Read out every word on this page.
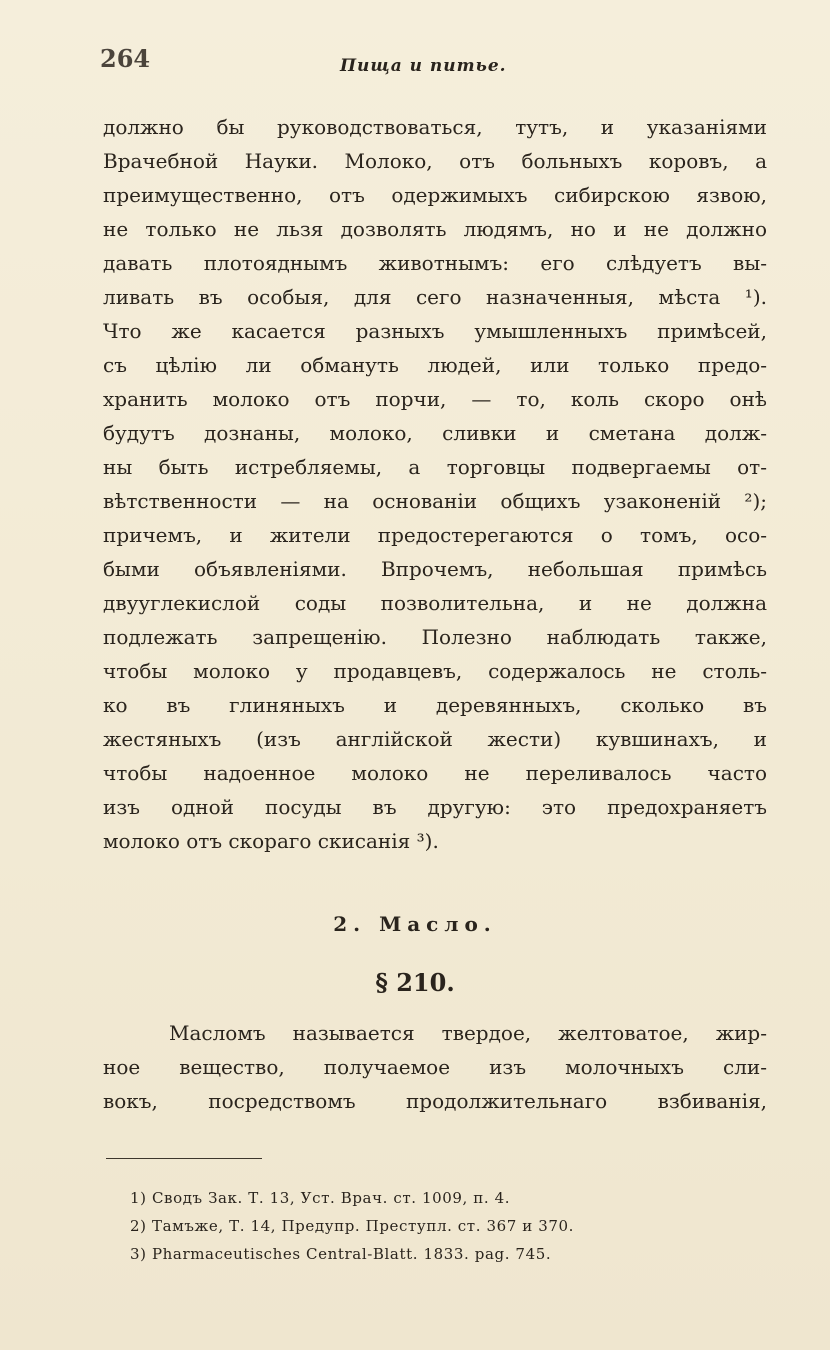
264	Пища и питье.
должно бы руководствоваться, тутъ, и указаніями
Врачебной Науки. Молоко, отъ больныхъ коровъ, а
преимущественно, отъ одержимыхъ сибирскою язвою,
не только не льзя дозволять людямъ, но и не должно
давать плотояднымъ животнымъ: его слѣдуетъ вы-
ливать въ особыя, для сего назначенныя, мѣста ¹).
Что же касается разныхъ умышленныхъ примѣсей,
съ цѣлію ли обмануть людей, или только предо-
хранить молоко отъ порчи, — то, коль скоро онѣ
будутъ дознаны, молоко, сливки и сметана долж-
ны быть истребляемы, а торговцы подвергаемы от-
вѣтственности — на основаніи общихъ узаконеній ²);
причемъ, и жители предостерегаются о томъ, осо-
быми объявленіями. Впрочемъ, небольшая примѣсь
двууглекислой соды позволительна, и не должна
подлежать запрещенію. Полезно наблюдать также,
чтобы молоко у продавцевъ, содержалось не столь-
ко въ глиняныхъ и деревянныхъ, сколько въ
жестяныхъ (изъ англійской жести) кувшинахъ, и
чтобы надоенное молоко не переливалось часто
изъ одной посуды въ другую: это предохраняетъ
молоко отъ скораго скисанія ³).
2. Масло.
§ 210.
Масломъ называется твердое, желтоватое, жир-
ное вещество, получаемое изъ молочныхъ сли-
вокъ, посредствомъ продолжительнаго взбиванія,
1) Сводъ Зак. Т. 13, Уст. Врач. ст. 1009, п. 4.
2) Тамъже, Т. 14, Предупр. Преступл. ст. 367 и 370.
3) Pharmaceutisches Central-Blatt. 1833. pag. 745.
